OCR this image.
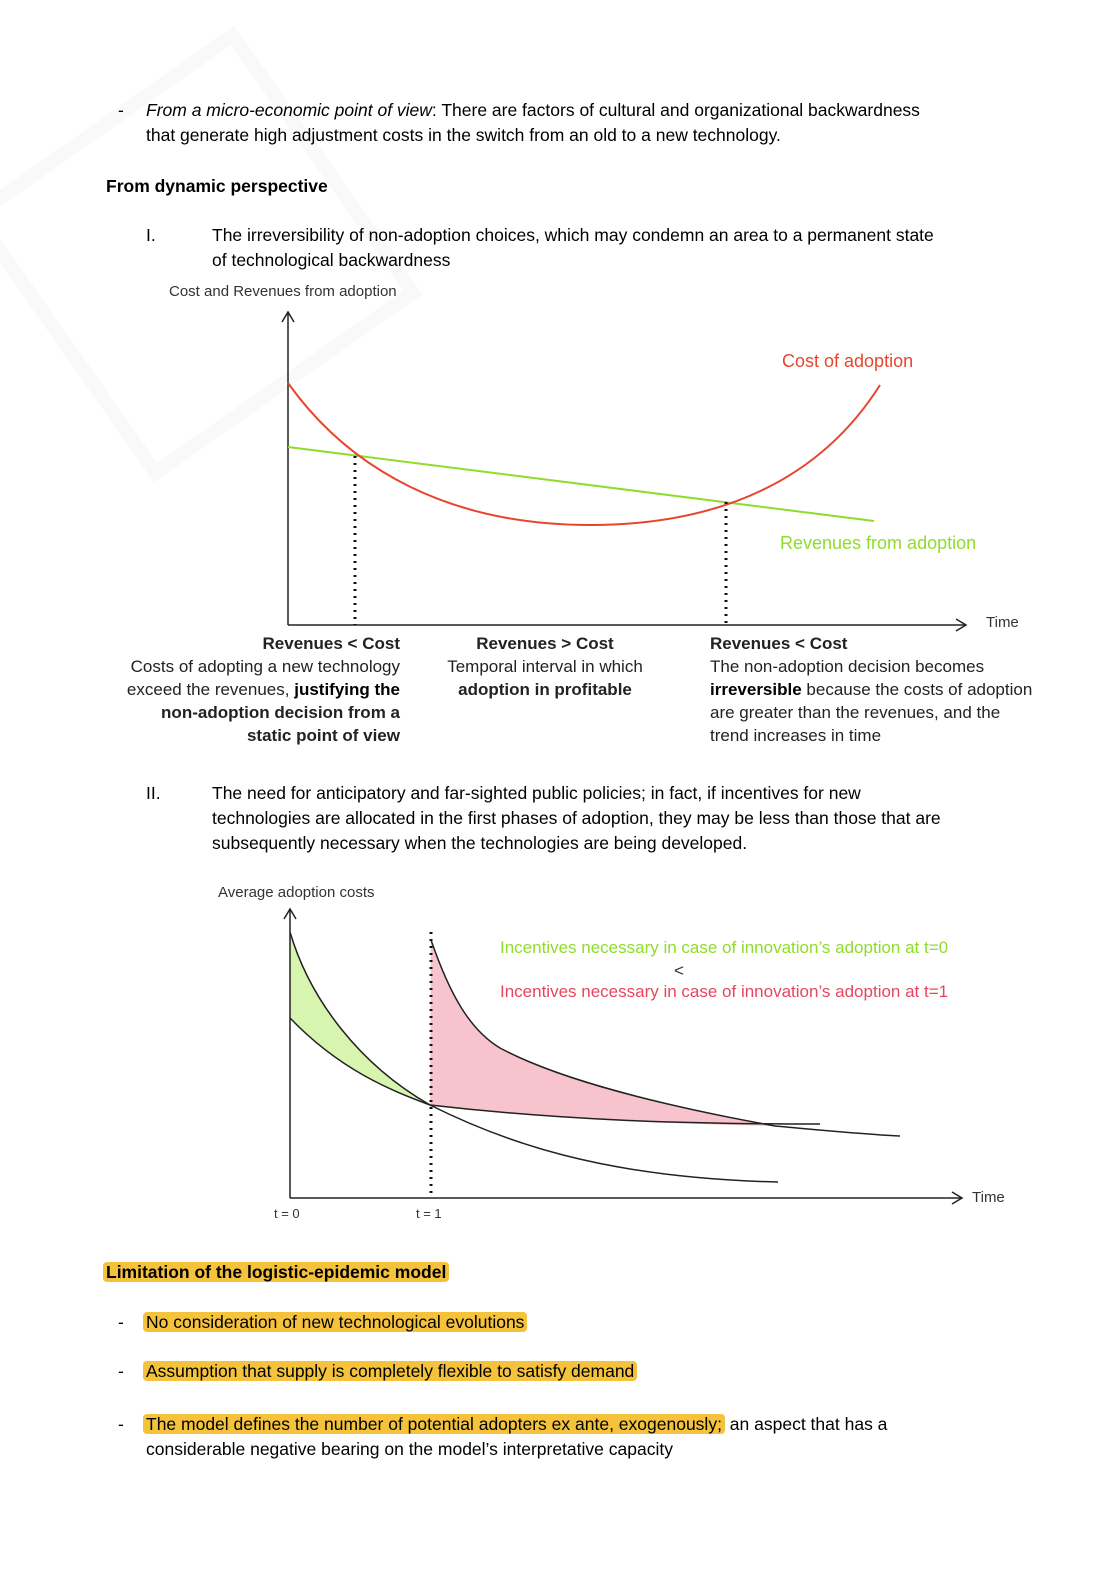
- From a micro-economic point of view: There are factors of cultural and organizational backwardness
that generate high adjustment costs in the switch from an old to a new technology.
From dynamic perspective
I.	The irreversibility of non-adoption choices, which may condemn an area to a permanent state
of technological backwardness
Cost and Revenues from adoption
Time
Cost of adoption
Revenues from adoption
Revenues < Cost
Costs of adopting a new technology
exceed the revenues, justifying the
non-adoption decision from a
static point of view
Revenues > Cost
Temporal interval in which
adoption in profitable
Revenues < Cost
The non-adoption decision becomes
irreversible because the costs of adoption
are greater than the revenues, and the
trend increases in time
II.	The need for anticipatory and far-sighted public policies; in fact, if incentives for new
technologies are allocated in the first phases of adoption, they may be less than those that are
subsequently necessary when the technologies are being developed.
Average adoption costs
t = 0	t = 1
Time
Incentives necessary in case of innovation’s adoption at t=0
<
Incentives necessary in case of innovation’s adoption at t=1
Limitation of the logistic-epidemic model
- No consideration of new technological evolutions
- Assumption that supply is completely flexible to satisfy demand
- The model defines the number of potential adopters ex ante, exogenously; an aspect that has a
considerable negative bearing on the model’s interpretative capacity
